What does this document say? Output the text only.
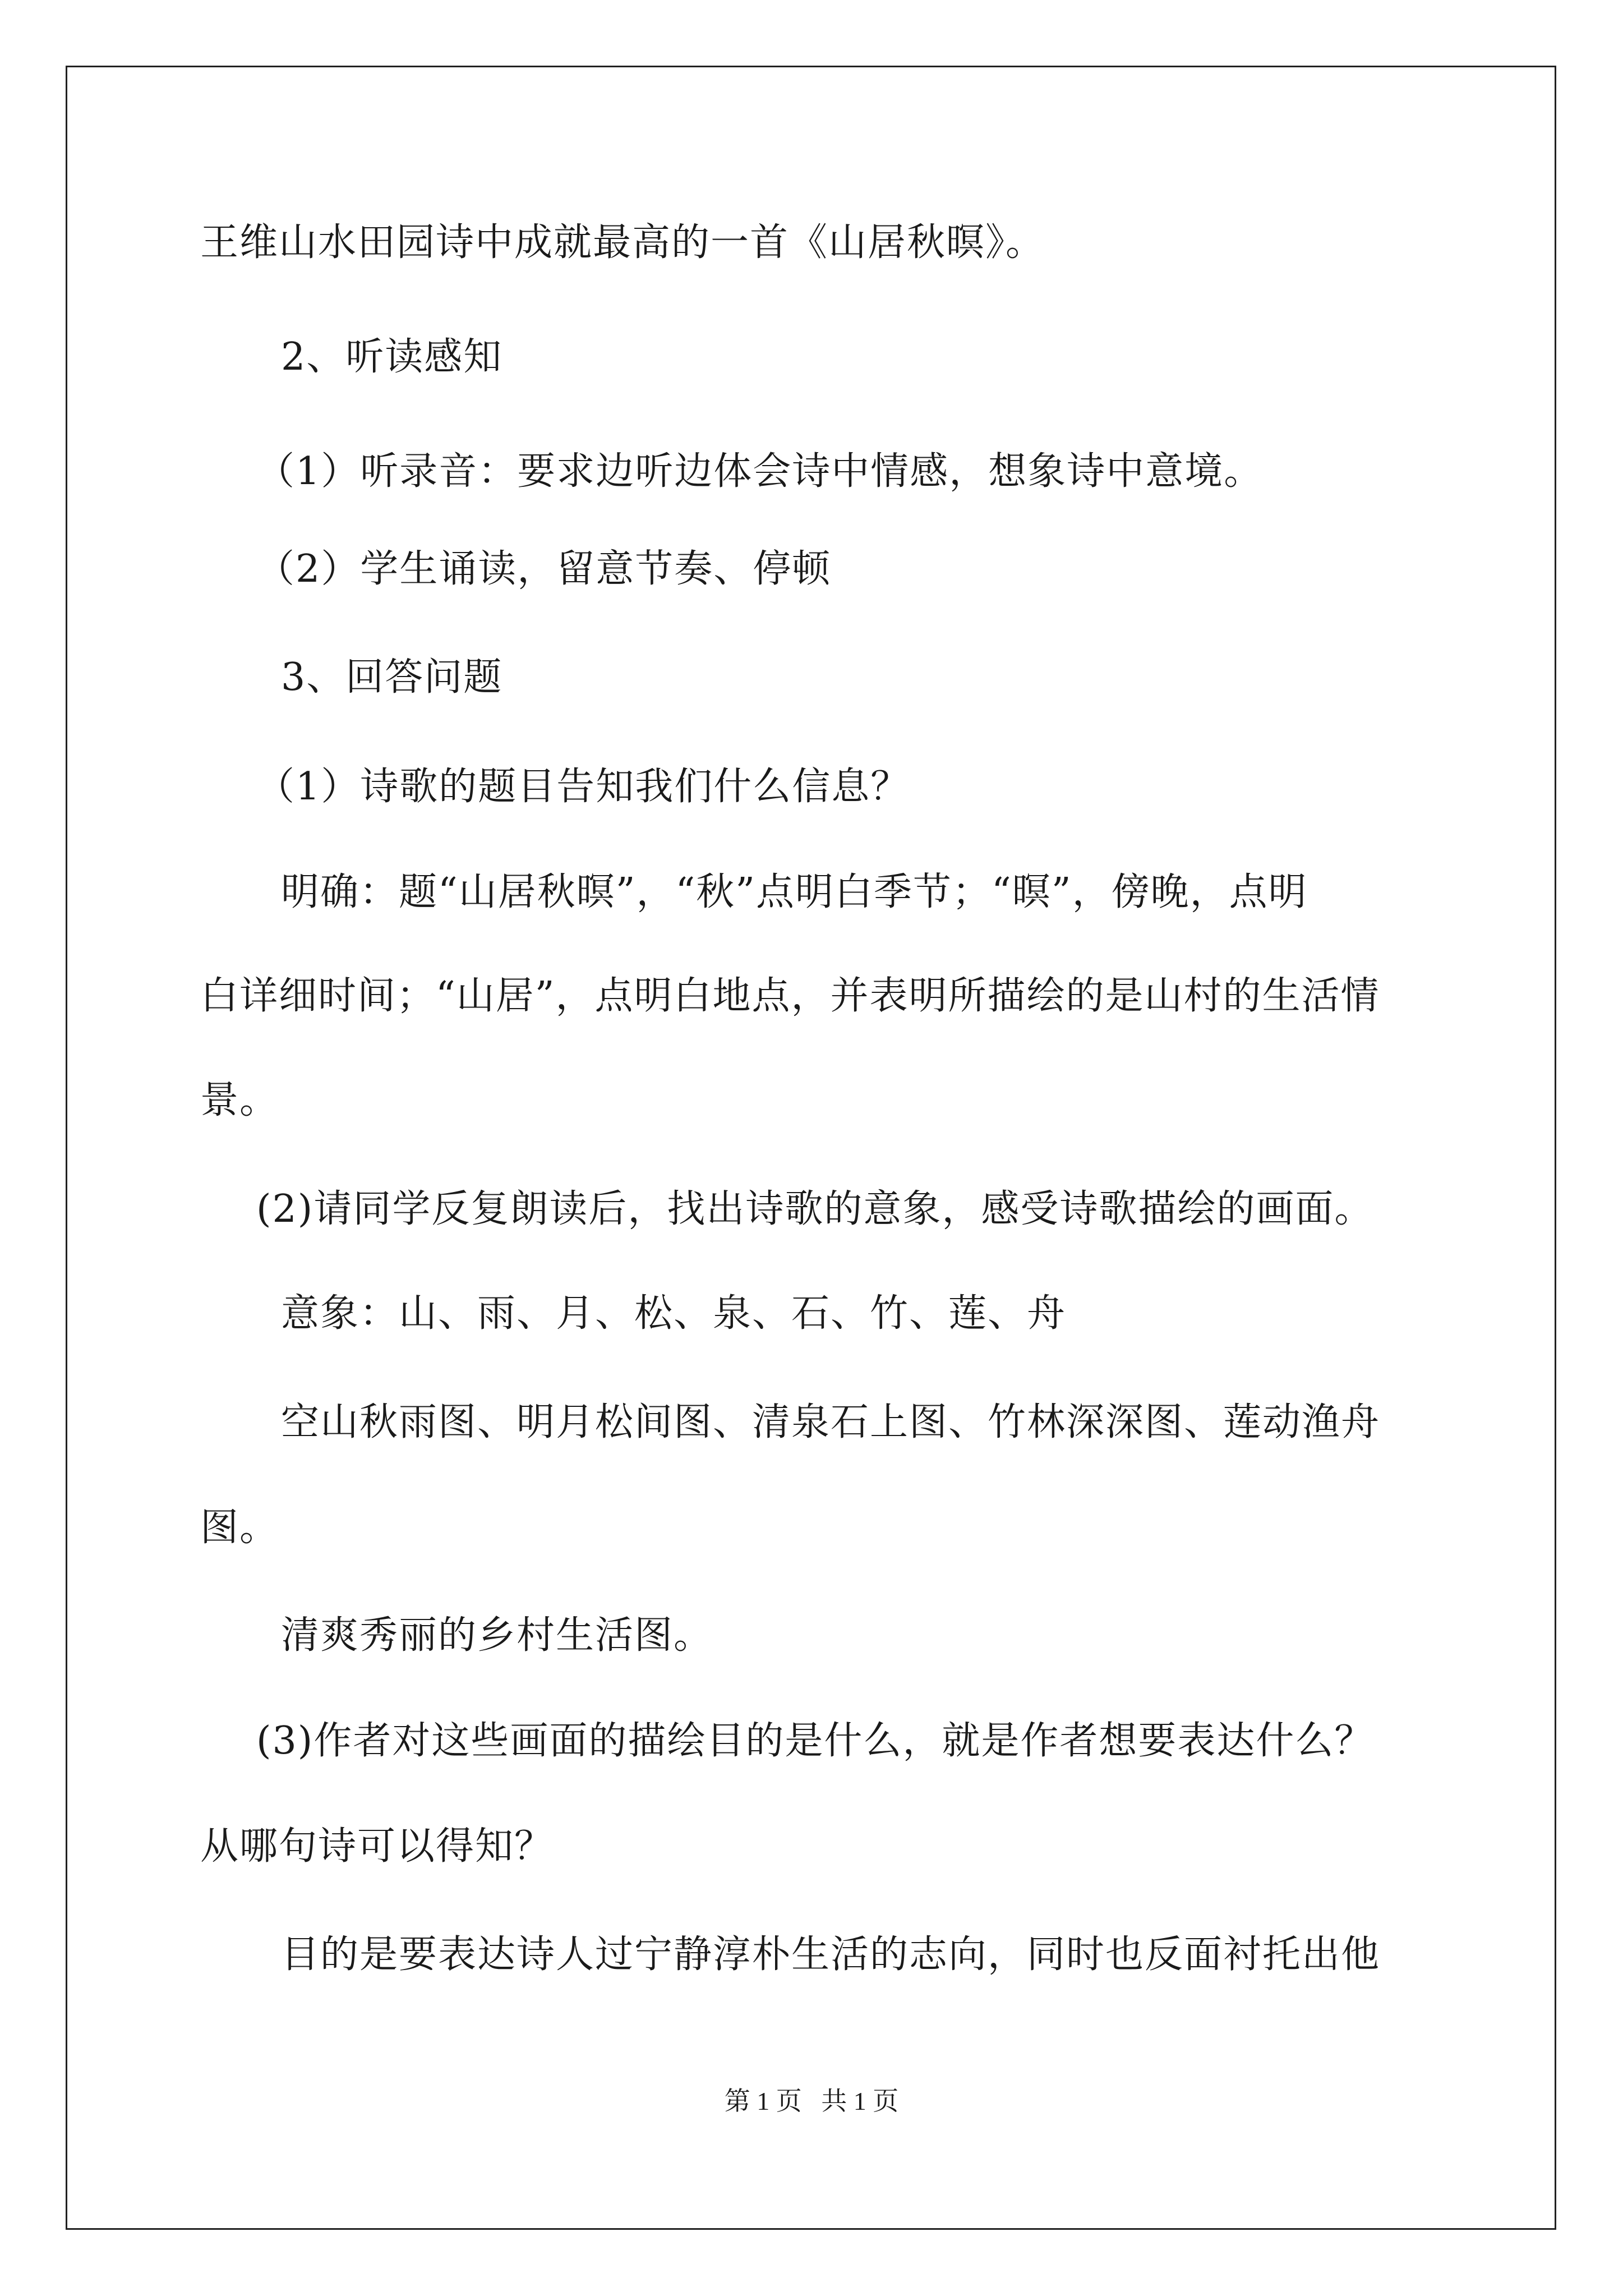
王维山水田园诗中成就最高的一首《山居秋暝》。
2、听读感知
（1）听录音：要求边听边体会诗中情感，想象诗中意境。
（2）学生诵读，留意节奏、停顿
3、回答问题
（1）诗歌的题目告知我们什么信息？
明确：题“山居秋暝”，“秋”点明白季节；“暝”，傍晚，点明
白详细时间；“山居”，点明白地点，并表明所描绘的是山村的生活情
景。
(2)请同学反复朗读后，找出诗歌的意象，感受诗歌描绘的画面。
意象：山、雨、月、松、泉、石、竹、莲、舟
空山秋雨图、明月松间图、清泉石上图、竹林深深图、莲动渔舟
图。
清爽秀丽的乡村生活图。
(3)作者对这些画面的描绘目的是什么，就是作者想要表达什么？
从哪句诗可以得知？
目的是要表达诗人过宁静淳朴生活的志向，同时也反面衬托出他
第 1 页   共 1 页
